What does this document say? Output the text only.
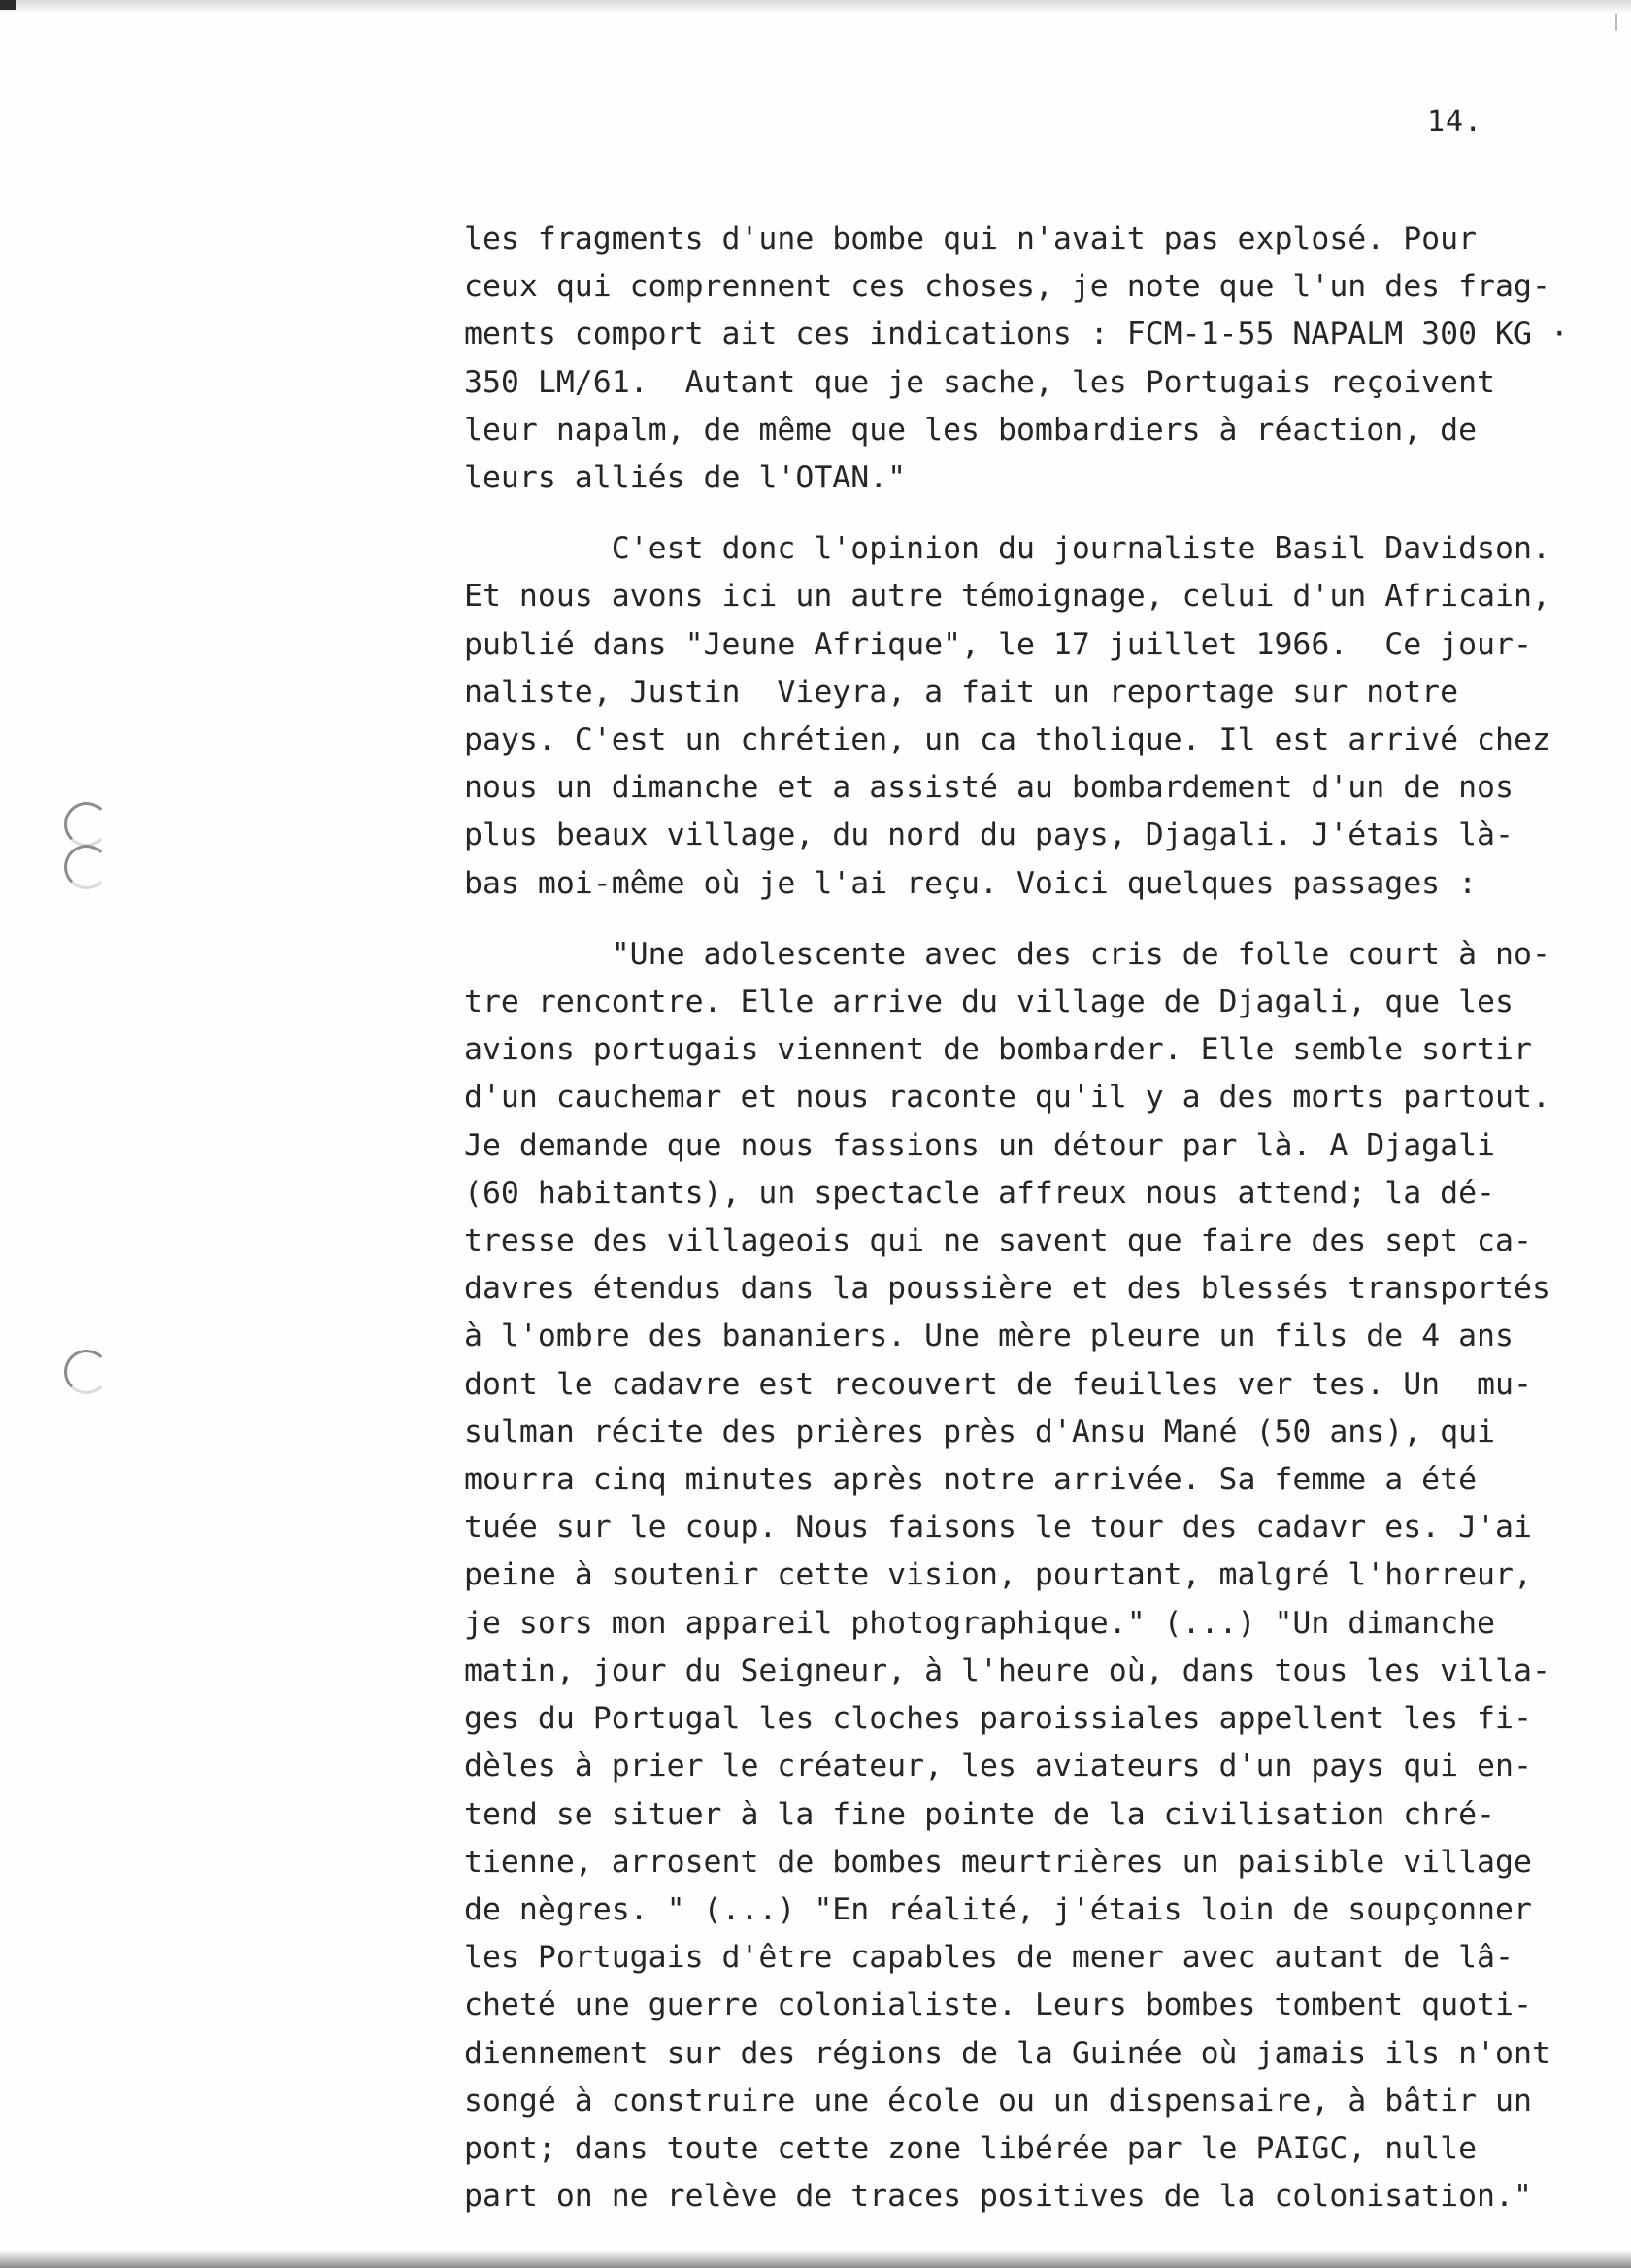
14.
les fragments d'une bombe qui n'avait pas explosé. Pour
ceux qui comprennent ces choses, je note que l'un des frag-
ments comport ait ces indications : FCM-1-55 NAPALM 300 KG ·
350 LM/61.  Autant que je sache, les Portugais reçoivent
leur napalm, de même que les bombardiers à réaction, de
leurs alliés de l'OTAN."
C'est donc l'opinion du journaliste Basil Davidson.
Et nous avons ici un autre témoignage, celui d'un Africain,
publié dans "Jeune Afrique", le 17 juillet 1966.  Ce jour-
naliste, Justin  Vieyra, a fait un reportage sur notre
pays. C'est un chrétien, un ca tholique. Il est arrivé chez
nous un dimanche et a assisté au bombardement d'un de nos
plus beaux village, du nord du pays, Djagali. J'étais là-
bas moi-même où je l'ai reçu. Voici quelques passages :
"Une adolescente avec des cris de folle court à no-
tre rencontre. Elle arrive du village de Djagali, que les
avions portugais viennent de bombarder. Elle semble sortir
d'un cauchemar et nous raconte qu'il y a des morts partout.
Je demande que nous fassions un détour par là. A Djagali
(60 habitants), un spectacle affreux nous attend; la dé-
tresse des villageois qui ne savent que faire des sept ca-
davres étendus dans la poussière et des blessés transportés
à l'ombre des bananiers. Une mère pleure un fils de 4 ans
dont le cadavre est recouvert de feuilles ver tes. Un  mu-
sulman récite des prières près d'Ansu Mané (50 ans), qui
mourra cinq minutes après notre arrivée. Sa femme a été
tuée sur le coup. Nous faisons le tour des cadavr es. J'ai
peine à soutenir cette vision, pourtant, malgré l'horreur,
je sors mon appareil photographique." (...) "Un dimanche
matin, jour du Seigneur, à l'heure où, dans tous les villa-
ges du Portugal les cloches paroissiales appellent les fi-
dèles à prier le créateur, les aviateurs d'un pays qui en-
tend se situer à la fine pointe de la civilisation chré-
tienne, arrosent de bombes meurtrières un paisible village
de nègres. " (...) "En réalité, j'étais loin de soupçonner
les Portugais d'être capables de mener avec autant de lâ-
cheté une guerre colonialiste. Leurs bombes tombent quoti-
diennement sur des régions de la Guinée où jamais ils n'ont
songé à construire une école ou un dispensaire, à bâtir un
pont; dans toute cette zone libérée par le PAIGC, nulle
part on ne relève de traces positives de la colonisation."
